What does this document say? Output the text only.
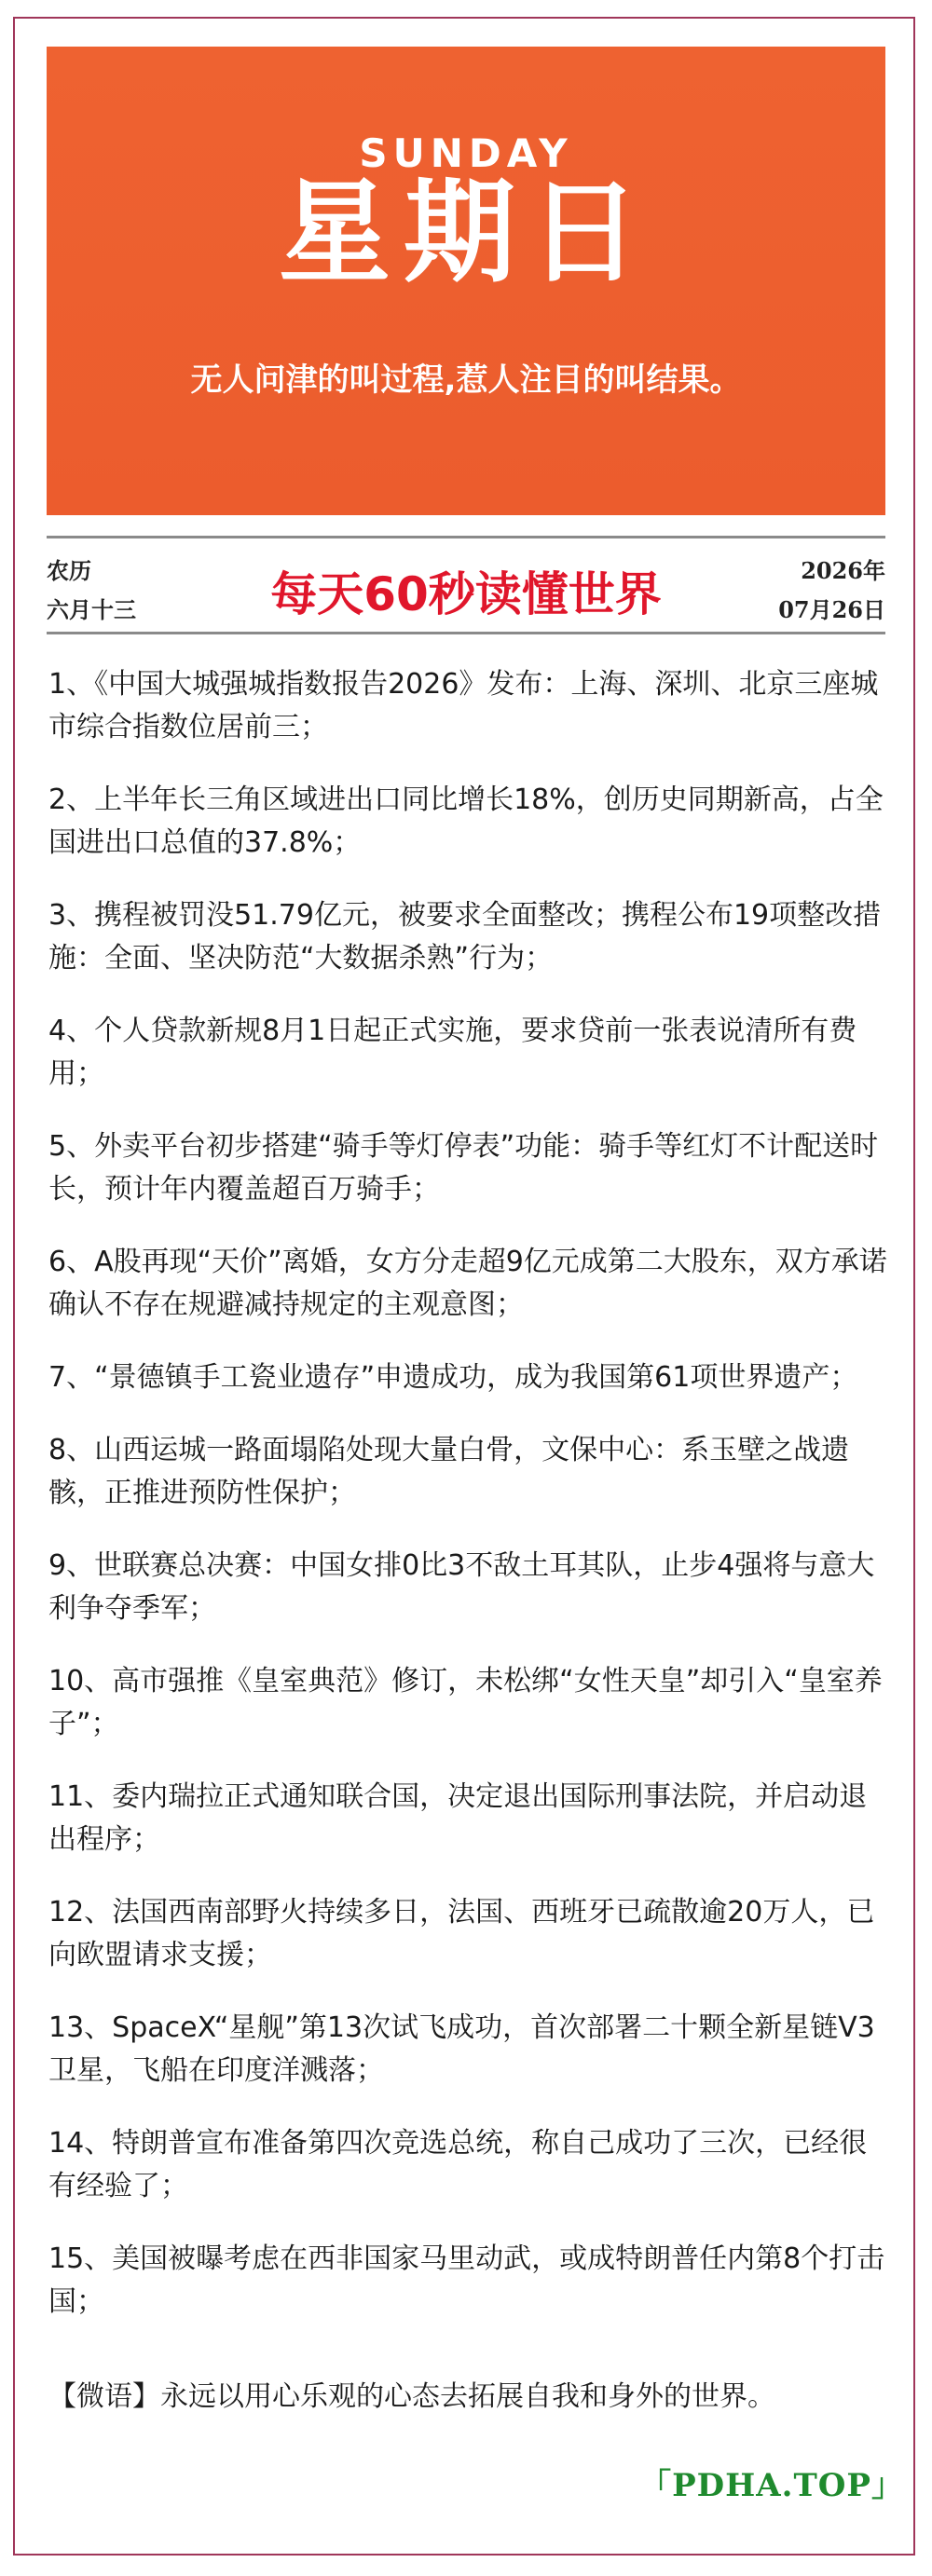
SUNDAY
星期日
无人问津的叫过程,惹人注目的叫结果。
农历
六月十三	每天60秒读懂世界	2026年
07月26日
1、《中国大城强城指数报告2026》发布：上海、深圳、北京三座城市综合指数位居前三；
2、上半年长三角区域进出口同比增长18%，创历史同期新高，占全国进出口总值的37.8%；
3、携程被罚没51.79亿元，被要求全面整改；携程公布19项整改措施：全面、坚决防范“大数据杀熟”行为；
4、个人贷款新规8月1日起正式实施，要求贷前一张表说清所有费用；
5、外卖平台初步搭建“骑手等灯停表”功能：骑手等红灯不计配送时长，预计年内覆盖超百万骑手；
6、A股再现“天价”离婚，女方分走超9亿元成第二大股东，双方承诺确认不存在规避减持规定的主观意图；
7、“景德镇手工瓷业遗存”申遗成功，成为我国第61项世界遗产；
8、山西运城一路面塌陷处现大量白骨，文保中心：系玉壁之战遗骸，正推进预防性保护；
9、世联赛总决赛：中国女排0比3不敌土耳其队，止步4强将与意大利争夺季军；
10、高市强推《皇室典范》修订，未松绑“女性天皇”却引入“皇室养子”；
11、委内瑞拉正式通知联合国，决定退出国际刑事法院，并启动退出程序；
12、法国西南部野火持续多日，法国、西班牙已疏散逾20万人，已向欧盟请求支援；
13、SpaceX“星舰”第13次试飞成功，首次部署二十颗全新星链V3卫星，飞船在印度洋溅落；
14、特朗普宣布准备第四次竞选总统，称自己成功了三次，已经很有经验了；
15、美国被曝考虑在西非国家马里动武，或成特朗普任内第8个打击国；
【微语】永远以用心乐观的心态去拓展自我和身外的世界。
「PDHA.TOP」
